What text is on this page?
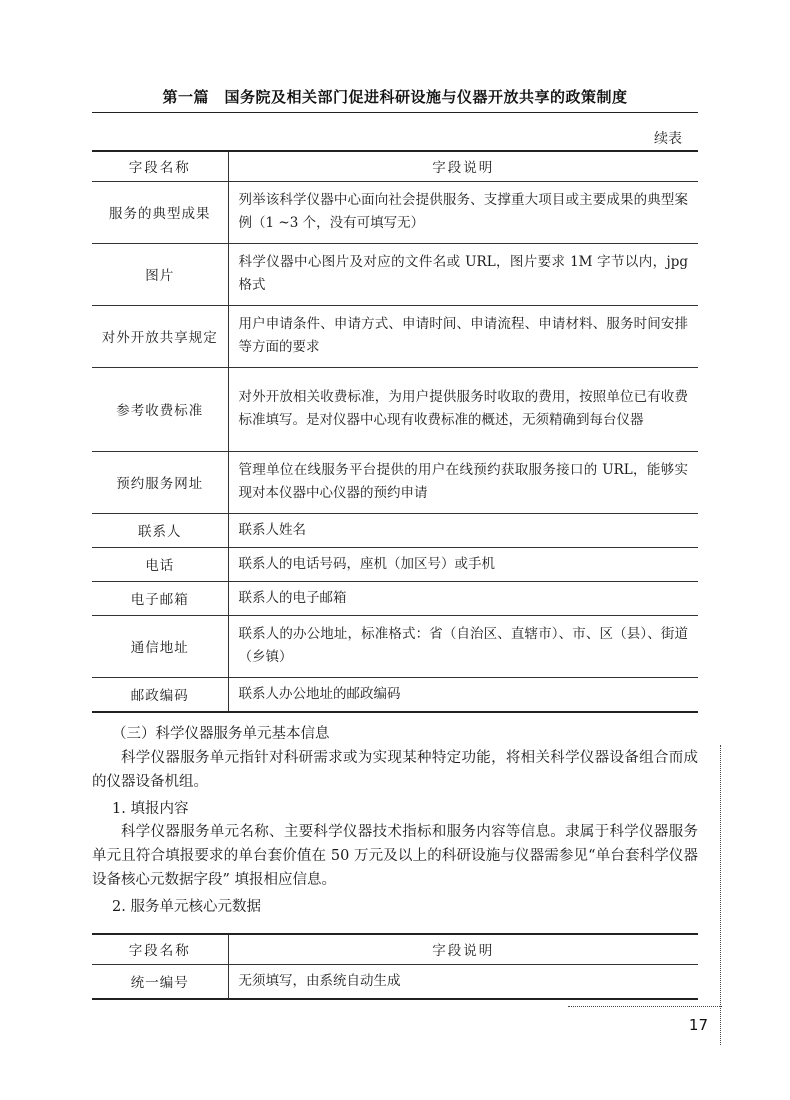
第一篇　国务院及相关部门促进科研设施与仪器开放共享的政策制度
续表
字段名称	字段说明
服务的典型成果	列举该科学仪器中心面向社会提供服务、支撑重大项目或主要成果的典型案例（1 ~3 个，没有可填写无）
图片	科学仪器中心图片及对应的文件名或 URL，图片要求 1M 字节以内，jpg 格式
对外开放共享规定	用户申请条件、申请方式、申请时间、申请流程、申请材料、服务时间安排等方面的要求
参考收费标准	对外开放相关收费标准，为用户提供服务时收取的费用，按照单位已有收费标准填写。是对仪器中心现有收费标准的概述，无须精确到每台仪器
预约服务网址	管理单位在线服务平台提供的用户在线预约获取服务接口的 URL，能够实现对本仪器中心仪器的预约申请
联系人	联系人姓名
电话	联系人的电话号码，座机（加区号）或手机
电子邮箱	联系人的电子邮箱
通信地址	联系人的办公地址，标准格式：省（自治区、直辖市）、市、区（县）、街道（乡镇）
邮政编码	联系人办公地址的邮政编码
（三）科学仪器服务单元基本信息
科学仪器服务单元指针对科研需求或为实现某种特定功能，将相关科学仪器设备组合而成的仪器设备机组。
1. 填报内容
科学仪器服务单元名称、主要科学仪器技术指标和服务内容等信息。隶属于科学仪器服务单元且符合填报要求的单台套价值在 50 万元及以上的科研设施与仪器需参见“单台套科学仪器设备核心元数据字段” 填报相应信息。
2. 服务单元核心元数据
字段名称	字段说明
统一编号	无须填写，由系统自动生成
17
